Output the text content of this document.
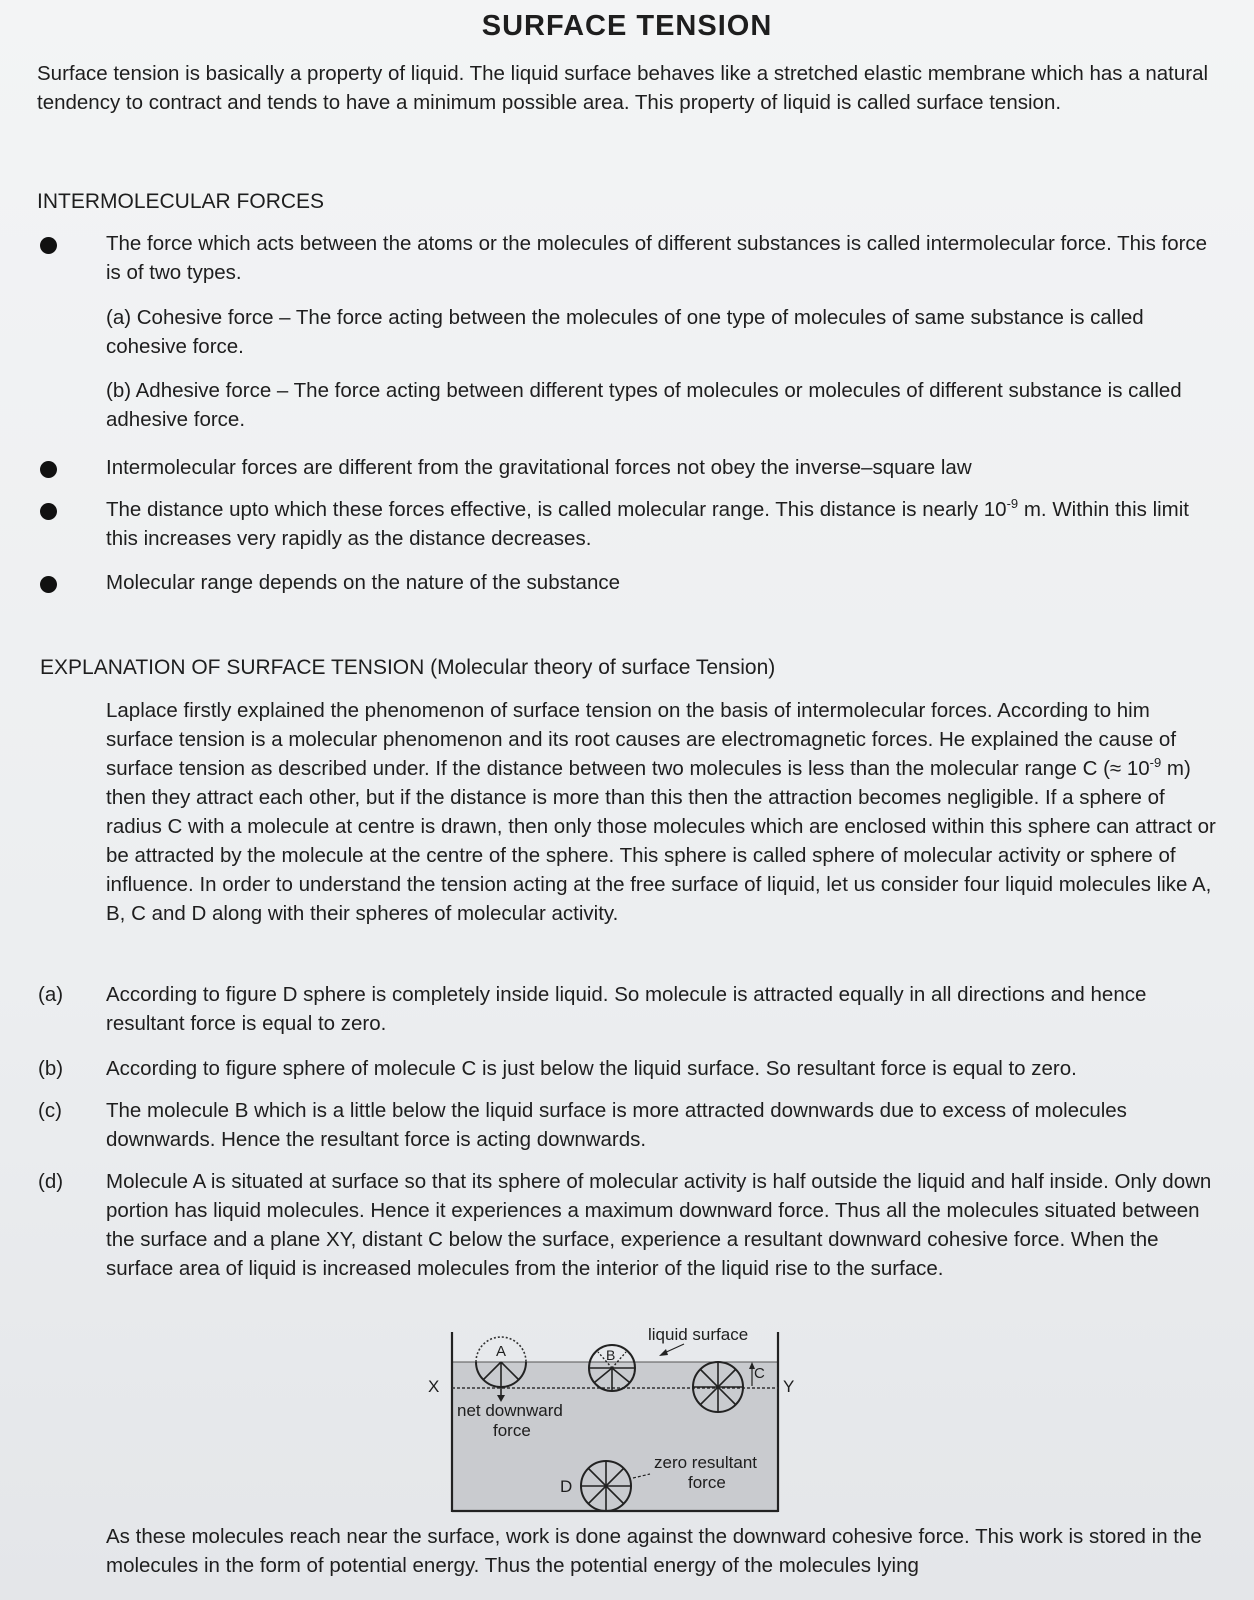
SURFACE TENSION

Surface tension is basically a property of liquid. The liquid surface behaves like a stretched elastic membrane which has a natural tendency to contract and tends to have a minimum possible area. This property of liquid is called surface tension.

INTERMOLECULAR FORCES

The force which acts between the atoms or the molecules of different substances is called intermolecular force. This force is of two types.

(a) Cohesive force – The force acting between the molecules of one type of molecules of same substance is called cohesive force.

(b) Adhesive force – The force acting between different types of molecules or molecules of different substance is called adhesive force.

Intermolecular forces are different from the gravitational forces not obey the inverse–square law

The distance upto which these forces effective, is called molecular range. This distance is nearly $10^{-9}$ m. Within this limit this increases very rapidly as the distance decreases.

Molecular range depends on the nature of the substance

EXPLANATION OF SURFACE TENSION (Molecular theory of surface Tension)

Laplace firstly explained the phenomenon of surface tension on the basis of intermolecular forces. According to him surface tension is a molecular phenomenon and its root causes are electromagnetic forces. He explained the cause of surface tension as described under. If the distance between two molecules is less than the molecular range C (≈ $10^{-9}$ m) then they attract each other, but if the distance is more than this then the attraction becomes negligible. If a sphere of radius C with a molecule at centre is drawn, then only those molecules which are enclosed within this sphere can attract or be attracted by the molecule at the centre of the sphere. This sphere is called sphere of molecular activity or sphere of influence. In order to understand the tension acting at the free surface of liquid, let us consider four liquid molecules like A, B, C and D along with their spheres of molecular activity.

(a) According to figure D sphere is completely inside liquid. So molecule is attracted equally in all directions and hence resultant force is equal to zero.

(b) According to figure sphere of molecule C is just below the liquid surface. So resultant force is equal to zero.

(c) The molecule B which is a little below the liquid surface is more attracted downwards due to excess of molecules downwards. Hence the resultant force is acting downwards.

(d) Molecule A is situated at surface so that its sphere of molecular activity is half outside the liquid and half inside. Only down portion has liquid molecules. Hence it experiences a maximum downward force. Thus all the molecules situated between the surface and a plane XY, distant C below the surface, experience a resultant downward cohesive force. When the surface area of liquid is increased molecules from the interior of the liquid rise to the surface.

liquid surface
A	B
C
D
X	Y
net downward
force
zero resultant
force

As these molecules reach near the surface, work is done against the downward cohesive force. This work is stored in the molecules in the form of potential energy. Thus the potential energy of the molecules lying
